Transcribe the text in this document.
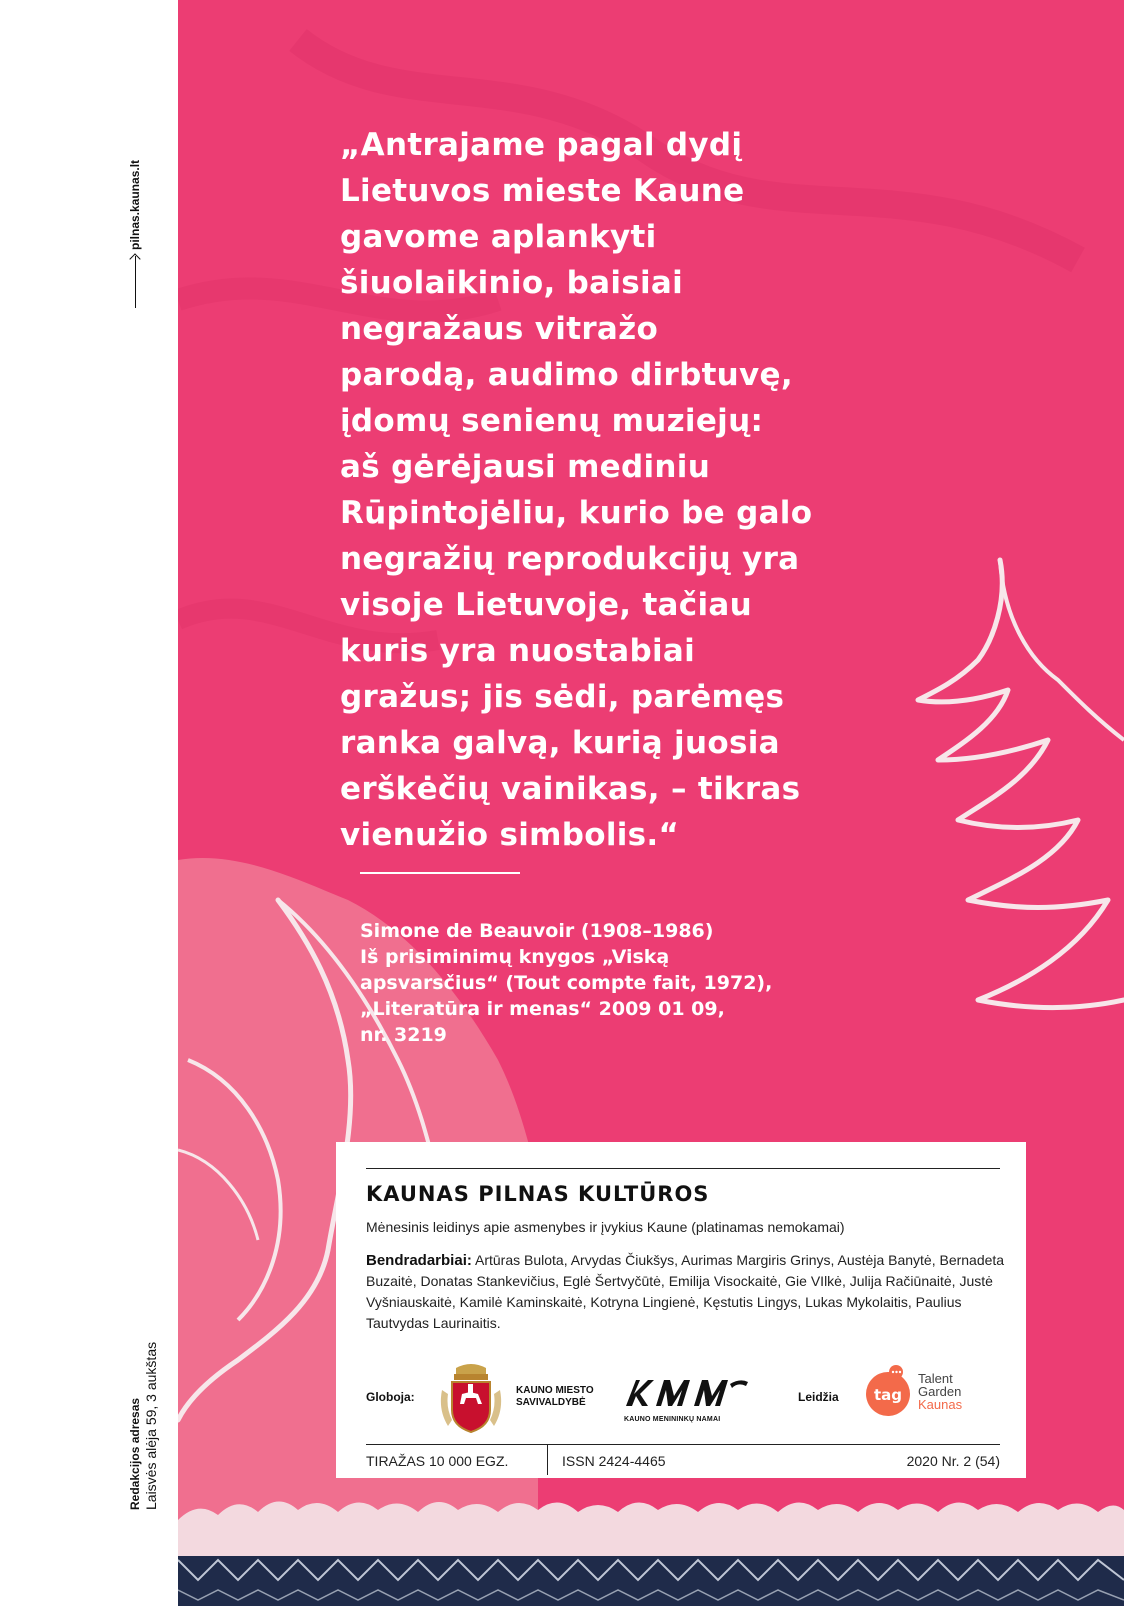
pilnas.kaunas.lt
Redakcijos adresas Laisvės alėja 59, 3 aukštas

„Antrajame pagal dydį
Lietuvos mieste Kaune
gavome aplankyti
šiuolaikinio, baisiai
negražaus vitražo
parodą, audimo dirbtuvę,
įdomų senienų muziejų:
aš gėrėjausi mediniu
Rūpintojėliu, kurio be galo
negražių reprodukcijų yra
visoje Lietuvoje, tačiau
kuris yra nuostabiai
gražus; jis sėdi, parėmęs
ranka galvą, kurią juosia
erškėčių vainikas, – tikras
vienužio simbolis.“

Simone de Beauvoir (1908–1986)
Iš prisiminimų knygos „Viską
apsvarsčius“ (Tout compte fait, 1972),
„Literatūra ir menas“ 2009 01 09,
nr. 3219
KAUNAS PILNAS KULTŪROS
Mėnesinis leidinys apie asmenybes ir įvykius Kaune (platinamas nemokamai)
Bendradarbiai: Artūras Bulota, Arvydas Čiukšys, Aurimas Margiris Grinys, Austėja Banytė, Bernadeta Buzaitė, Donatas Stankevičius, Eglė Šertvyčūtė, Emilija Visockaitė, Gie VIlkė, Julija Račiūnaitė, Justė Vyšniauskaitė, Kamilė Kaminskaitė, Kotryna Lingienė, Kęstutis Lingys, Lukas Mykolaitis, Paulius Tautvydas Laurinaitis.
Globoja:	KAUNO MIESTO
SAVIVALDYBĖ
KAUNO MENININKŲ NAMAI
Leidžia tag
Talent
Garden
Kaunas
TIRAŽAS 10 000 EGZ.	ISSN 2424-4465	2020 Nr. 2 (54)
